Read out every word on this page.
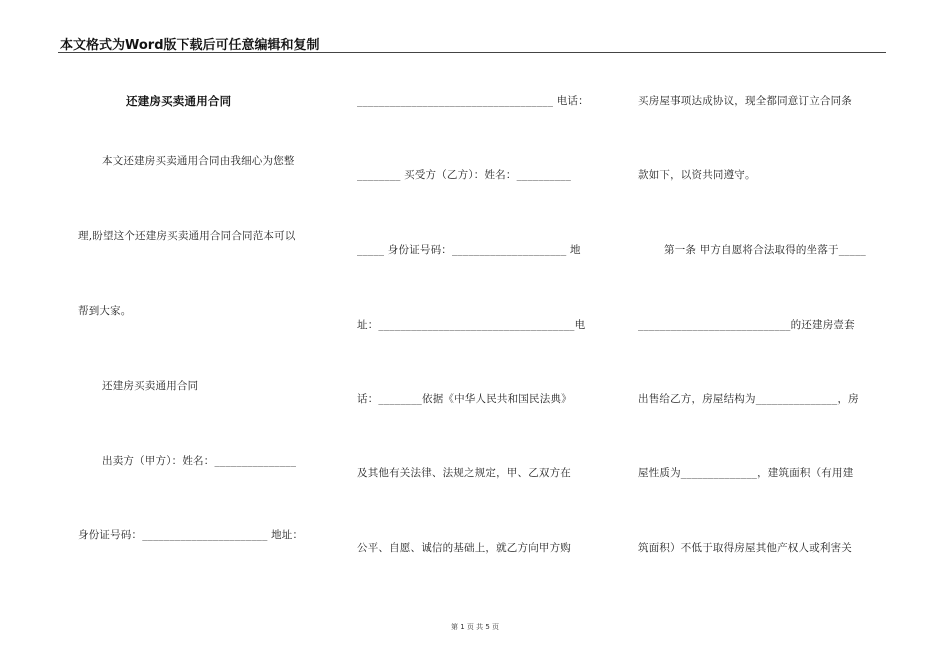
本文格式为Word版下载后可任意编辑和复制
还建房买卖通用合同
本文还建房买卖通用合同由我细心为您整
理,盼望这个还建房买卖通用合同合同范本可以
帮到大家。
还建房买卖通用合同
出卖方（甲方）：姓名：_______________
身份证号码：_______________________ 地址：
____________________________________ 电话：
________ 买受方（乙方）：姓名：__________
_____ 身份证号码：_____________________ 地
址：____________________________________电
话：________依据《中华人民共和国民法典》
及其他有关法律、法规之规定，甲、乙双方在
公平、自愿、诚信的基础上，就乙方向甲方购
买房屋事项达成协议，现全都同意订立合同条
款如下，以资共同遵守。
第一条 甲方自愿将合法取得的坐落于_____
____________________________的还建房壹套
出售给乙方，房屋结构为_______________，房
屋性质为______________，建筑面积（有用建
筑面积）不低于取得房屋其他产权人或利害关
第 1 页 共 5 页
